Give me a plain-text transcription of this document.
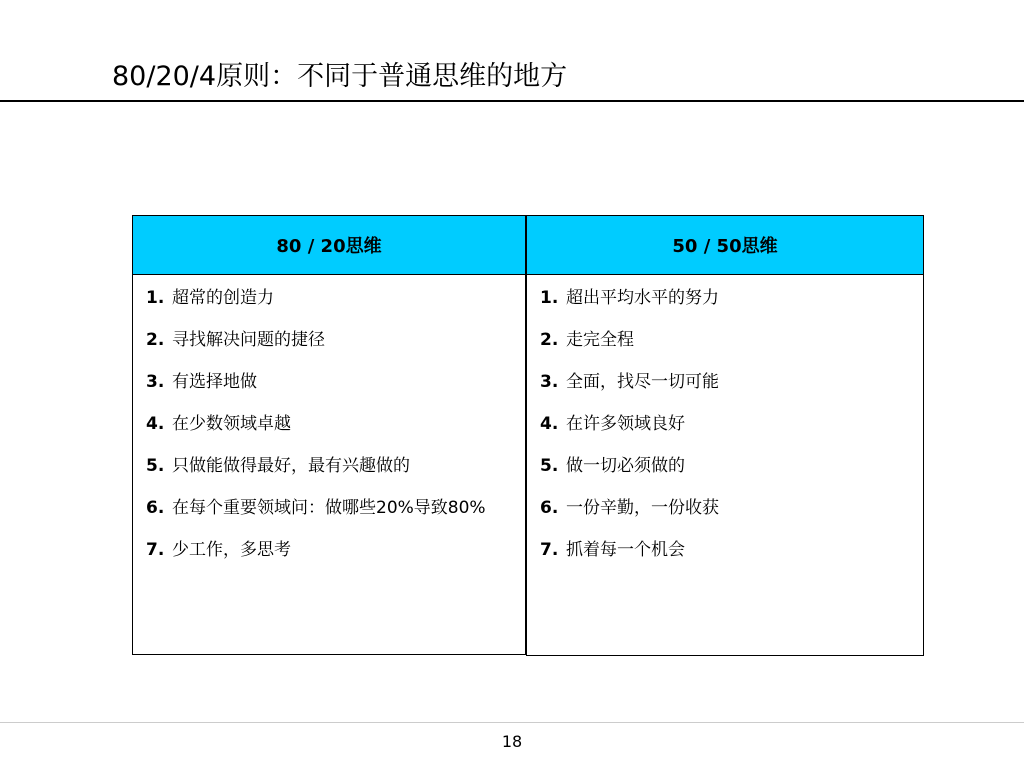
80/20/4原则：不同于普通思维的地方
80 / 20思维
1. 超常的创造力
2. 寻找解决问题的捷径
3. 有选择地做
4. 在少数领域卓越
5. 只做能做得最好，最有兴趣做的
6. 在每个重要领域问：做哪些20%导致80%
7. 少工作，多思考
50 / 50思维
1. 超出平均水平的努力
2. 走完全程
3. 全面，找尽一切可能
4. 在许多领域良好
5. 做一切必须做的
6. 一份辛勤，一份收获
7. 抓着每一个机会
18
